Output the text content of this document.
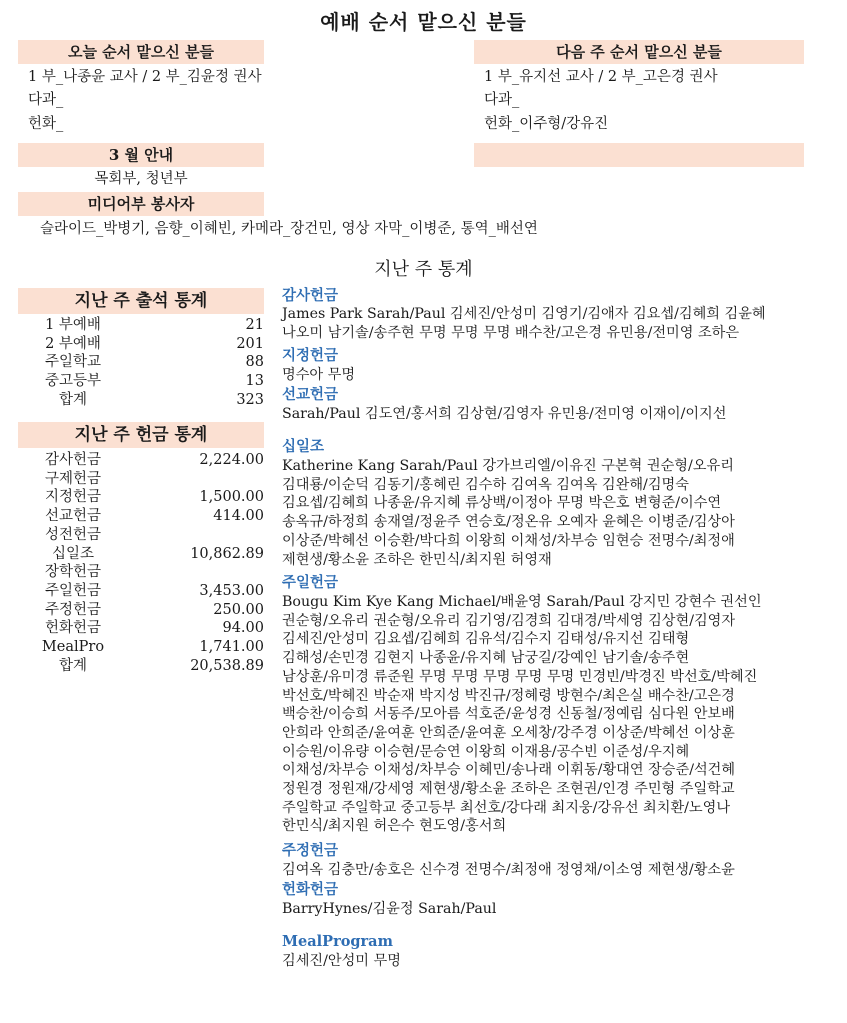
예배 순서 맡으신 분들
오늘 순서 맡으신 분들
1 부_나종윤 교사 / 2 부_김윤정 권사
다과_
헌화_
다음 주 순서 맡으신 분들
1 부_유지선 교사 / 2 부_고은경 권사
다과_
헌화_이주형/강유진
3 월 안내
목회부, 청년부
미디어부 봉사자
슬라이드_박병기, 음향_이혜빈, 카메라_장건민, 영상 자막_이병준, 통역_배선연
지난 주 통계
지난 주 출석 통계
1 부예배	21
2 부예배	201
주일학교	88
중고등부	13
합계	323
지난 주 헌금 통계
감사헌금	2,224.00
구제헌금
지정헌금	1,500.00
선교헌금	414.00
성전헌금
십일조	10,862.89
장학헌금
주일헌금	3,453.00
주정헌금	250.00
헌화헌금	94.00
MealPro	1,741.00
합계	20,538.89
감사헌금
James Park Sarah/Paul 김세진/안성미 김영기/김애자 김요셉/김혜희 김윤혜
나오미 남기솔/송주현 무명 무명 무명 배수찬/고은경 유민용/전미영 조하은
지정헌금
명수아 무명
선교헌금
Sarah/Paul 김도연/홍서희 김상현/김영자 유민용/전미영 이재이/이지선
십일조
Katherine Kang Sarah/Paul 강가브리엘/이유진 구본혁 권순형/오유리
김대룡/이순덕 김동기/홍혜린 김수하 김여옥 김여옥 김완해/김명숙
김요셉/김혜희 나종윤/유지혜 류상백/이정아 무명 박은호 변형준/이수연
송옥규/하정희 송재열/정윤주 연승호/정온유 오예자 윤혜은 이병준/김상아
이상준/박혜선 이승환/박다희 이왕희 이채성/차부승 임현승 전명수/최정애
제현생/황소윤 조하은 한민식/최지원 허영재
주일헌금
Bougu Kim Kye Kang Michael/배윤영 Sarah/Paul 강지민 강현수 권선인
권순형/오유리 권순형/오유리 김기영/김경희 김대경/박세영 김상현/김영자
김세진/안성미 김요셉/김혜희 김유석/김수지 김태성/유지선 김태형
김해성/손민경 김현지 나종윤/유지혜 남궁길/강예인 남기솔/송주현
남상훈/유미경 류준원 무명 무명 무명 무명 무명 민경빈/박경진 박선호/박혜진
박선호/박혜진 박순재 박지성 박진규/정혜령 방현수/최은실 배수찬/고은경
백승찬/이승희 서동주/모아름 석호준/윤성경 신동철/정예림 심다원 안보배
안희라 안희준/윤여훈 안희준/윤여훈 오세창/강주경 이상준/박혜선 이상훈
이승원/이유량 이승현/문승연 이왕희 이재용/공수빈 이준성/우지혜
이채성/차부승 이채성/차부승 이혜민/송나래 이휘동/황대연 장승준/석건혜
정원경 정원재/강세영 제현생/황소윤 조하은 조현권/인경 주민형 주일학교
주일학교 주일학교 중고등부 최선호/강다래 최지웅/강유선 최치환/노영나
한민식/최지원 허은수 현도영/홍서희
주정헌금
김여옥 김충만/송호은 신수경 전명수/최정애 정영채/이소영 제현생/황소윤
헌화헌금
BarryHynes/김윤정 Sarah/Paul
MealProgram
김세진/안성미 무명
